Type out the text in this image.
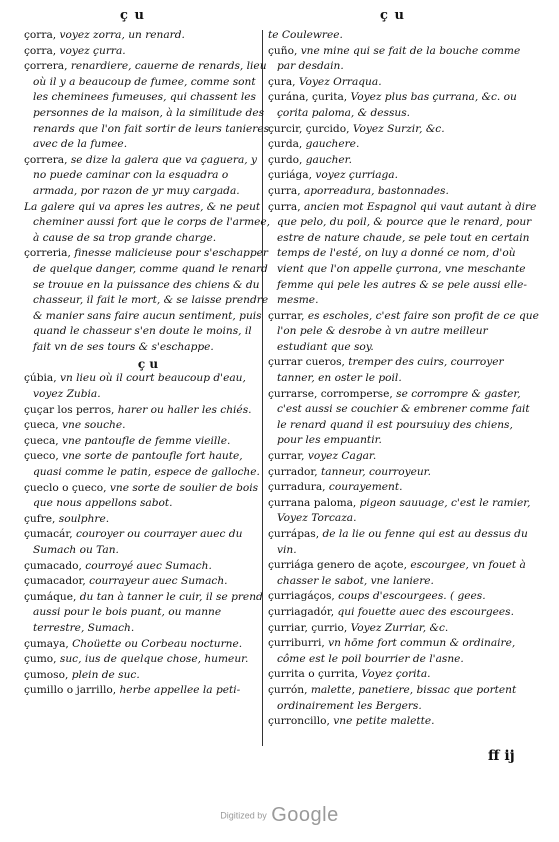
ç u	ç u

çorra, voyez zorra, un renard.

çorra, voyez çurra.

çorrera, renardiere, cauerne de renards, lieu où il y a beaucoup de fumee, comme sont les cheminees fumeuses, qui chassent les personnes de la maison, à la similitude des renards que l'on fait sortir de leurs tanieres avec de la fumee.

çorrera, se dize la galera que va çaguera, y no puede caminar con la esquadra o armada, por razon de yr muy cargada.

La galere qui va apres les autres, & ne peut cheminer aussi fort que le corps de l'armee, à cause de sa trop grande charge.

çorreria, finesse malicieuse pour s'eschapper de quelque danger, comme quand le renard se trouue en la puissance des chiens & du chasseur, il fait le mort, & se laisse prendre & manier sans faire aucun sentiment, puis quand le chasseur s'en doute le moins, il fait vn de ses tours & s'eschappe.

ç u

çúbia, vn lieu où il court beaucoup d'eau, voyez Zubia.

çuçar los perros, harer ou haller les chiés.

çueca, vne souche.

çueca, vne pantoufle de femme vieille.

çueco, vne sorte de pantoufle fort haute, quasi comme le patin, espece de galloche.

çueclo o çueco, vne sorte de soulier de bois que nous appellons sabot.

çufre, soulphre.

çumacár, couroyer ou courrayer auec du Sumach ou Tan.

çumacado, courroyé auec Sumach.

çumacador, courrayeur auec Sumach.

çumáque, du tan à tanner le cuir, il se prend aussi pour le bois puant, ou manne terrestre, Sumach.

çumaya, Choüette ou Corbeau nocturne.

çumo, suc, ius de quelque chose, humeur.

çumoso, plein de suc.

çumillo o jarrillo, herbe appellee la peti-

te Coulewree.

çuño, vne mine qui se fait de la bouche comme par desdain.

çura, Voyez Orraqua.

çurána, çurita, Voyez plus bas çurrana, &c. ou çorita paloma, & dessus.

çurcir, çurcido, Voyez Surzir, &c.

çurda, gauchere.

çurdo, gaucher.

çuriága, voyez çurriaga.

çurra, aporreadura, bastonnades.

çurra, ancien mot Espagnol qui vaut autant à dire que pelo, du poil, & pource que le renard, pour estre de nature chaude, se pele tout en certain temps de l'esté, on luy a donné ce nom, d'où vient que l'on appelle çurrona, vne meschante femme qui pele les autres & se pele aussi elle-mesme.

çurrar, es escholes, c'est faire son profit de ce que l'on pele & desrobe à vn autre meilleur estudiant que soy.

çurrar cueros, tremper des cuirs, courroyer tanner, en oster le poil.

çurrarse, corromperse, se corrompre & gaster, c'est aussi se couchier & embrener comme fait le renard quand il est poursuiuy des chiens, pour les empuantir.

çurrar, voyez Cagar.

çurrador, tanneur, courroyeur.

çurradura, courayement.

çurrana paloma, pigeon sauuage, c'est le ramier, Voyez Torcaza.

çurrápas, de la lie ou fenne qui est au dessus du vin.

çurriága genero de açote, escourgee, vn fouet à chasser le sabot, vne laniere.

çurriagáços, coups d'escourgees. ( gees.

çurriagadór, qui fouette auec des escourgees.

çurriar, çurrio, Voyez Zurriar, &c.

çurriburri, vn hōme fort commun & ordinaire, côme est le poil bourrier de l'asne.

çurrita o çurrita, Voyez çorita.

çurrón, malette, panetiere, bissac que portent ordinairement les Bergers.

çurroncillo, vne petite malette.

ff ij
Digitized by Google
